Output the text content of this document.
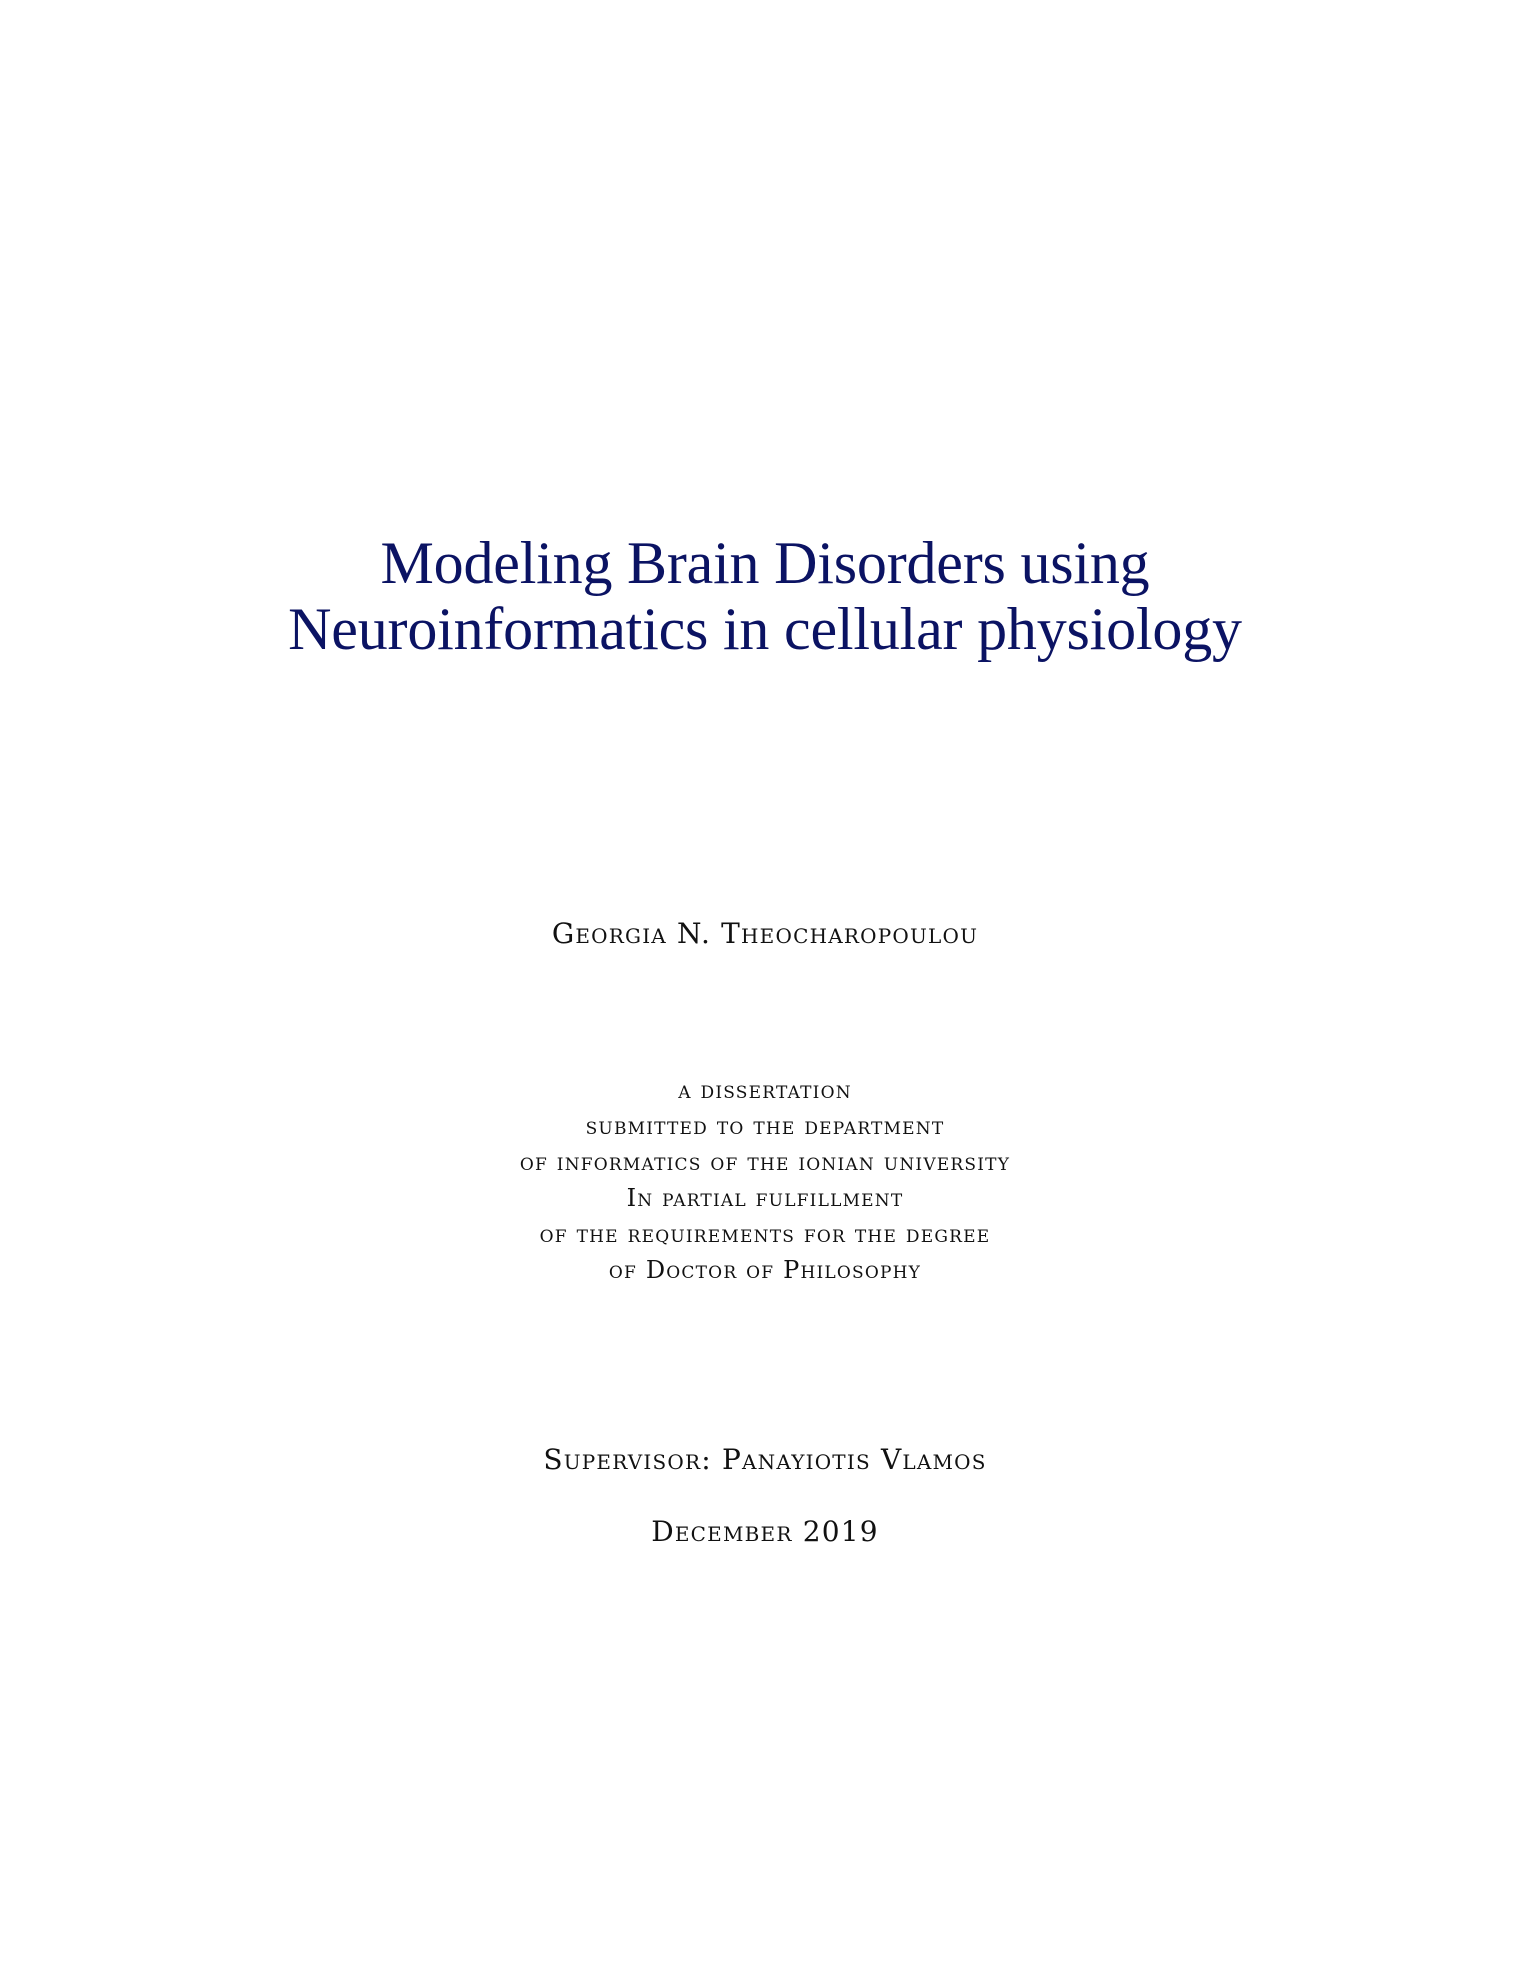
Modeling Brain Disorders using
Neuroinformatics in cellular physiology
Georgia N. Theocharopoulou
a dissertation
submitted to the department
of informatics of the ionian university
In partial fulfillment
of the requirements for the degree
of Doctor of Philosophy
Supervisor: Panayiotis Vlamos
December 2019
